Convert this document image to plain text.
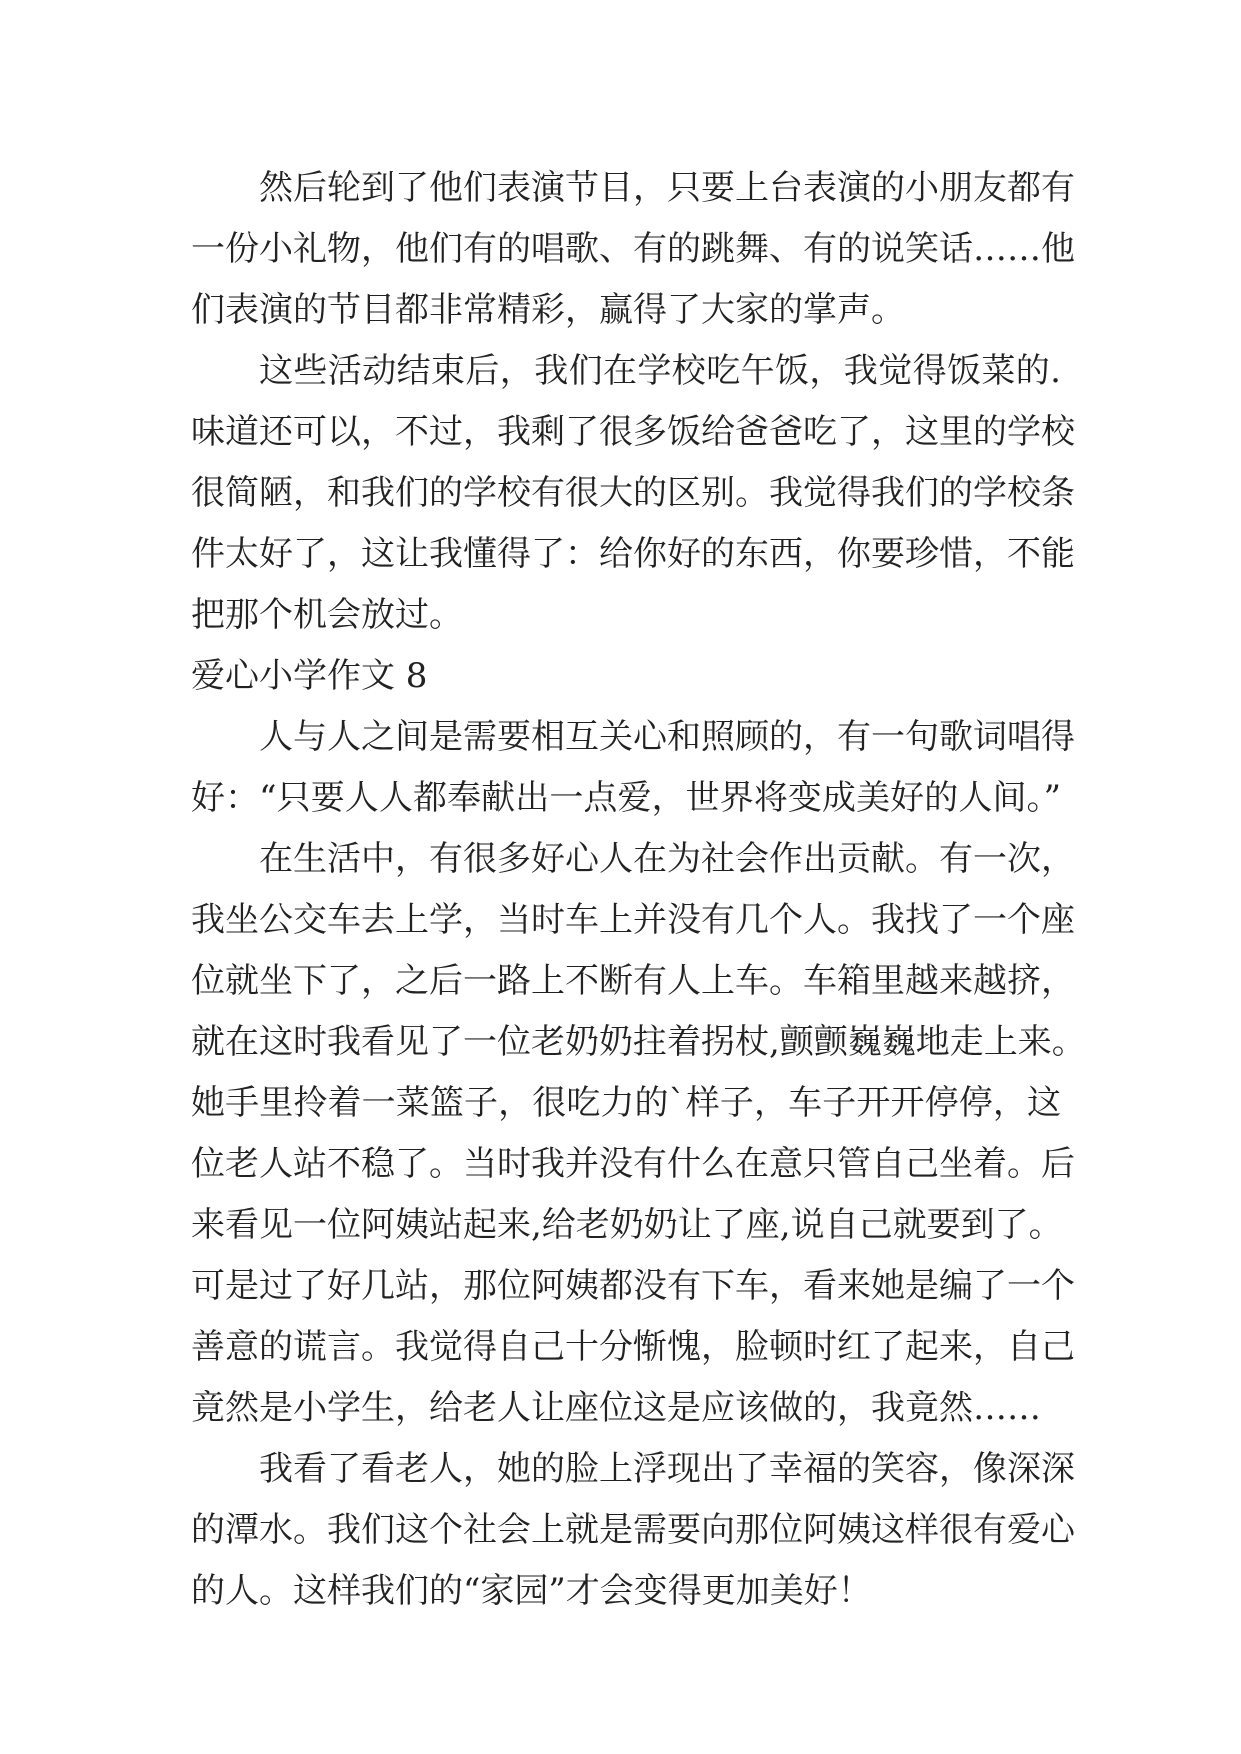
然后轮到了他们表演节目，只要上台表演的小朋友都有
一份小礼物，他们有的唱歌、有的跳舞、有的说笑话……他
们表演的节目都非常精彩，赢得了大家的掌声。
这些活动结束后，我们在学校吃午饭，我觉得饭菜的.
味道还可以，不过，我剩了很多饭给爸爸吃了，这里的学校
很简陋，和我们的学校有很大的区别。我觉得我们的学校条
件太好了，这让我懂得了：给你好的东西，你要珍惜，不能
把那个机会放过。
爱心小学作文 8
人与人之间是需要相互关心和照顾的，有一句歌词唱得
好：“只要人人都奉献出一点爱，世界将变成美好的人间。”
在生活中，有很多好心人在为社会作出贡献。有一次，
我坐公交车去上学，当时车上并没有几个人。我找了一个座
位就坐下了，之后一路上不断有人上车。车箱里越来越挤，
就在这时我看见了一位老奶奶拄着拐杖,颤颤巍巍地走上来。
她手里拎着一菜篮子，很吃力的`样子，车子开开停停，这
位老人站不稳了。当时我并没有什么在意只管自己坐着。后
来看见一位阿姨站起来,给老奶奶让了座,说自己就要到了。
可是过了好几站，那位阿姨都没有下车，看来她是编了一个
善意的谎言。我觉得自己十分惭愧，脸顿时红了起来，自己
竟然是小学生，给老人让座位这是应该做的，我竟然……
我看了看老人，她的脸上浮现出了幸福的笑容，像深深
的潭水。我们这个社会上就是需要向那位阿姨这样很有爱心
的人。这样我们的“家园”才会变得更加美好！
